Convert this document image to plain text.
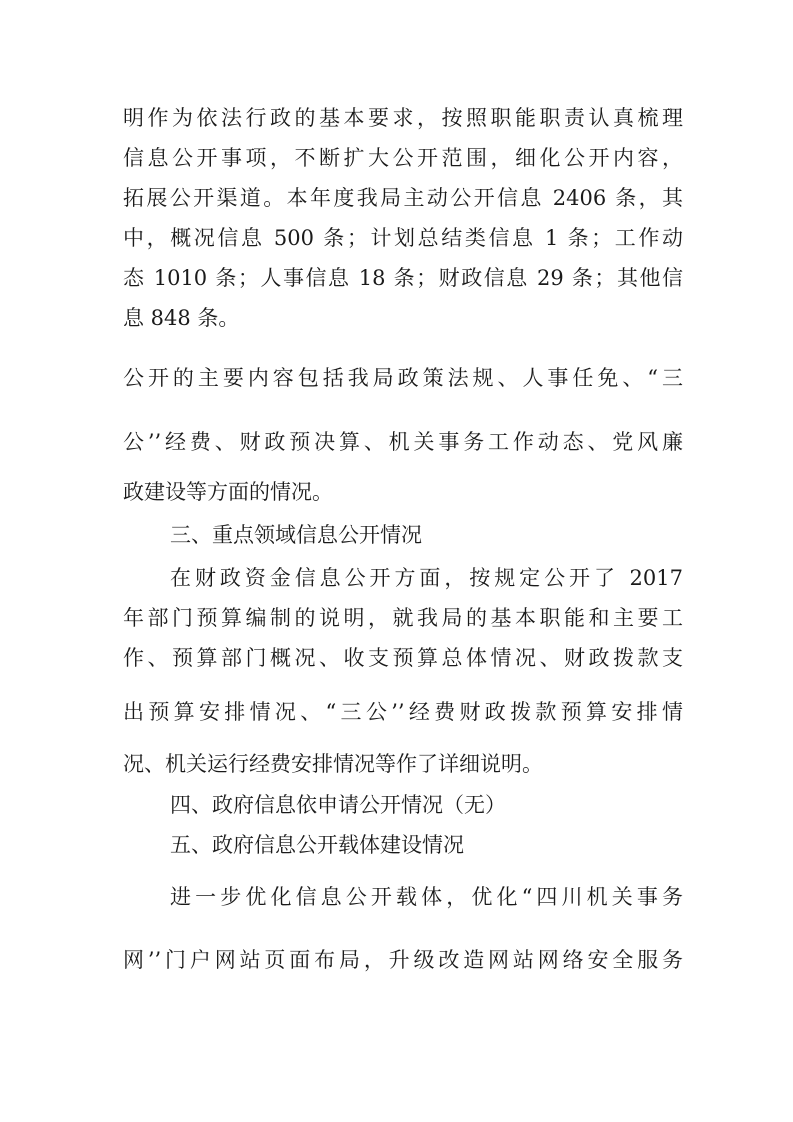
明作为依法行政的基本要求，按照职能职责认真梳理
信息公开事项，不断扩大公开范围，细化公开内容，
拓展公开渠道。本年度我局主动公开信息 2406 条，其
中，概况信息 500 条；计划总结类信息 1 条；工作动
态 1010 条；人事信息 18 条；财政信息 29 条；其他信
息 848 条。
公开的主要内容包括我局政策法规、人事任免、“三
公’’经费、财政预决算、机关事务工作动态、党风廉
政建设等方面的情况。
三、重点领域信息公开情况
在财政资金信息公开方面，按规定公开了 2017
年部门预算编制的说明，就我局的基本职能和主要工
作、预算部门概况、收支预算总体情况、财政拨款支
出预算安排情况、“三公’’经费财政拨款预算安排情
况、机关运行经费安排情况等作了详细说明。
四、政府信息依申请公开情况（无）
五、政府信息公开载体建设情况
进一步优化信息公开载体，优化“四川机关事务
网’’门户网站页面布局，升级改造网站网络安全服务
